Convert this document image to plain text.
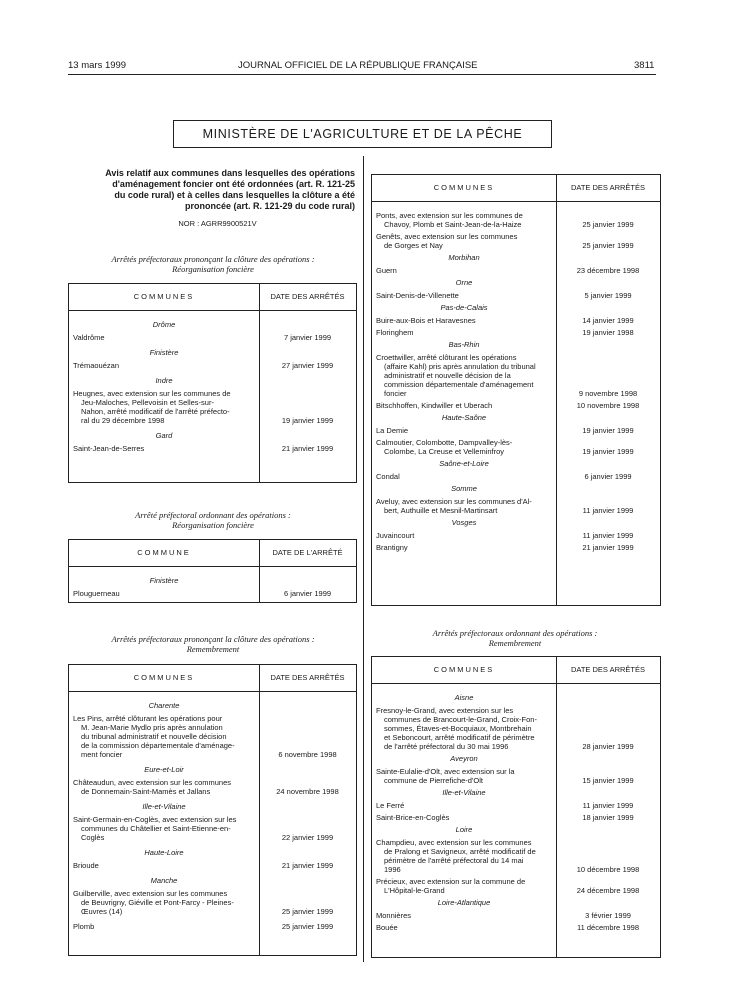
13 mars 1999	JOURNAL OFFICIEL DE LA RÉPUBLIQUE FRANÇAISE	3811
MINISTÈRE DE L'AGRICULTURE ET DE LA PÊCHE
Avis relatif aux communes dans lesquelles des opérations
d'aménagement foncier ont été ordonnées (art. R. 121-25
du code rural) et à celles dans lesquelles la clôture a été
prononcée (art. R. 121-29 du code rural)
NOR : AGRR9900521V
Arrêtés préfectoraux prononçant la clôture des opérations :
Réorganisation foncière
Arrêté préfectoral ordonnant des opérations :
Réorganisation foncière
Arrêtés préfectoraux prononçant la clôture des opérations :
Remembrement
Arrêtés préfectoraux ordonnant des opérations :
Remembrement
COMMUNES	DATE DES ARRÊTÉS
Drôme
Valdrôme	7 janvier 1999
Finistère
Trémaouézan	27 janvier 1999
Indre
Heugnes, avec extension sur les communes de
Jeu-Maloches, Pellevoisin et Selles-sur-
Nahon, arrêté modificatif de l'arrêté préfecto-
ral du 29 décembre 1998	19 janvier 1999
Gard
Saint-Jean-de-Serres	21 janvier 1999
COMMUNE	DATE DE L'ARRÊTÉ
Finistère
Plouguerneau	6 janvier 1999
COMMUNES	DATE DES ARRÊTÉS
Charente
Les Pins, arrêté clôturant les opérations pour
M. Jean-Marie Mydlo pris après annulation
du tribunal administratif et nouvelle décision
de la commission départementale d'aménage-
ment foncier	6 novembre 1998
Eure-et-Loir
Châteaudun, avec extension sur les communes
de Donnemain-Saint-Mamès et Jallans	24 novembre 1998
Ille-et-Vilaine
Saint-Germain-en-Coglès, avec extension sur les
communes du Châtellier et Saint-Etienne-en-
Coglès	22 janvier 1999
Haute-Loire
Brioude	21 janvier 1999
Manche
Guilberville, avec extension sur les communes
de Beuvrigny, Giéville et Pont-Farcy - Pleines-
Œuvres (14)	25 janvier 1999
Plomb	25 janvier 1999
COMMUNES	DATE DES ARRÊTÉS
Ponts, avec extension sur les communes de
Chavoy, Plomb et Saint-Jean-de-la-Haize	25 janvier 1999
Genêts, avec extension sur les communes
de Gorges et Nay	25 janvier 1999
Morbihan
Guern	23 décembre 1998
Orne
Saint-Denis-de-Villenette	5 janvier 1999
Pas-de-Calais
Buire-aux-Bois et Haravesnes	14 janvier 1999
Floringhem	19 janvier 1998
Bas-Rhin
Croettwiller, arrêté clôturant les opérations
(affaire Kahl) pris après annulation du tribunal
administratif et nouvelle décision de la
commission départementale d'aménagement
foncier	9 novembre 1998
Bitschhoffen, Kindwiller et Uberach	10 novembre 1998
Haute-Saône
La Demie	19 janvier 1999
Calmoutier, Colombotte, Dampvalley-lès-
Colombe, La Creuse et Velleminfroy	19 janvier 1999
Saône-et-Loire
Condal	6 janvier 1999
Somme
Aveluy, avec extension sur les communes d'Al-
bert, Authuille et Mesnil-Martinsart	11 janvier 1999
Vosges
Juvaincourt	11 janvier 1999
Brantigny	21 janvier 1999
COMMUNES	DATE DES ARRÊTÉS
Aisne
Fresnoy-le-Grand, avec extension sur les
communes de Brancourt-le-Grand, Croix-Fon-
sommes, Étaves-et-Bocquiaux, Montbrehain
et Seboncourt, arrêté modificatif de périmètre
de l'arrêté préfectoral du 30 mai 1996	28 janvier 1999
Aveyron
Sainte-Eulalie-d'Olt, avec extension sur la
commune de Pierrefiche-d'Olt	15 janvier 1999
Ille-et-Vilaine
Le Ferré	11 janvier 1999
Saint-Brice-en-Coglès	18 janvier 1999
Loire
Champdieu, avec extension sur les communes
de Pralong et Savigneux, arrêté modificatif de
périmètre de l'arrêté préfectoral du 14 mai
1996	10 décembre 1998
Précieux, avec extension sur la commune de
L'Hôpital-le-Grand	24 décembre 1998
Loire-Atlantique
Monnières	3 février 1999
Bouée	11 décembre 1998
